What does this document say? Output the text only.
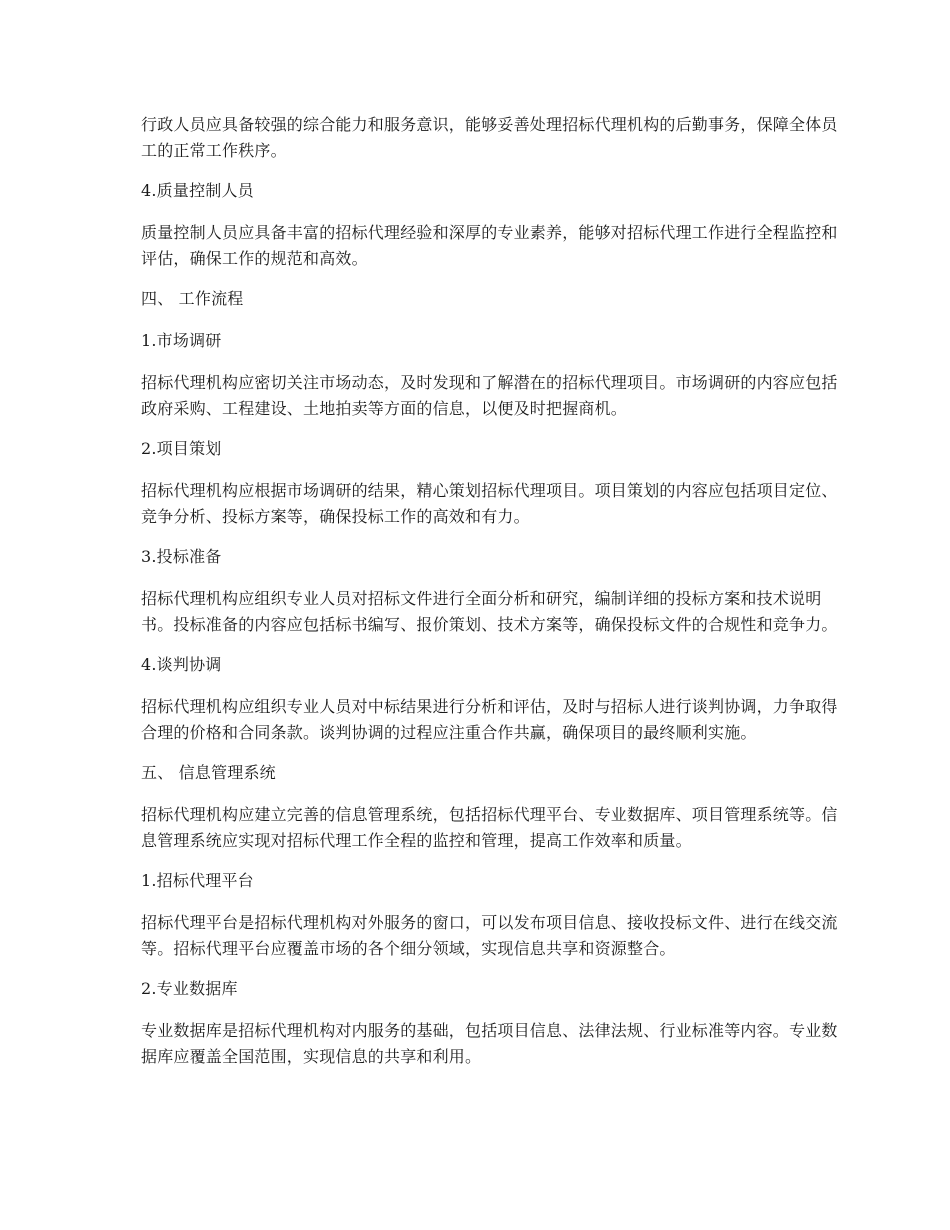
行政人员应具备较强的综合能力和服务意识，能够妥善处理招标代理机构的后勤事务，保障全体员工的正常工作秩序。

4.质量控制人员

质量控制人员应具备丰富的招标代理经验和深厚的专业素养，能够对招标代理工作进行全程监控和评估，确保工作的规范和高效。

四、 工作流程

1.市场调研

招标代理机构应密切关注市场动态，及时发现和了解潜在的招标代理项目。市场调研的内容应包括政府采购、工程建设、土地拍卖等方面的信息，以便及时把握商机。

2.项目策划

招标代理机构应根据市场调研的结果，精心策划招标代理项目。项目策划的内容应包括项目定位、竞争分析、投标方案等，确保投标工作的高效和有力。

3.投标准备

招标代理机构应组织专业人员对招标文件进行全面分析和研究，编制详细的投标方案和技术说明书。投标准备的内容应包括标书编写、报价策划、技术方案等，确保投标文件的合规性和竞争力。

4.谈判协调

招标代理机构应组织专业人员对中标结果进行分析和评估，及时与招标人进行谈判协调，力争取得合理的价格和合同条款。谈判协调的过程应注重合作共赢，确保项目的最终顺利实施。

五、 信息管理系统

招标代理机构应建立完善的信息管理系统，包括招标代理平台、专业数据库、项目管理系统等。信息管理系统应实现对招标代理工作全程的监控和管理，提高工作效率和质量。

1.招标代理平台

招标代理平台是招标代理机构对外服务的窗口，可以发布项目信息、接收投标文件、进行在线交流等。招标代理平台应覆盖市场的各个细分领域，实现信息共享和资源整合。

2.专业数据库

专业数据库是招标代理机构对内服务的基础，包括项目信息、法律法规、行业标准等内容。专业数据库应覆盖全国范围，实现信息的共享和利用。
